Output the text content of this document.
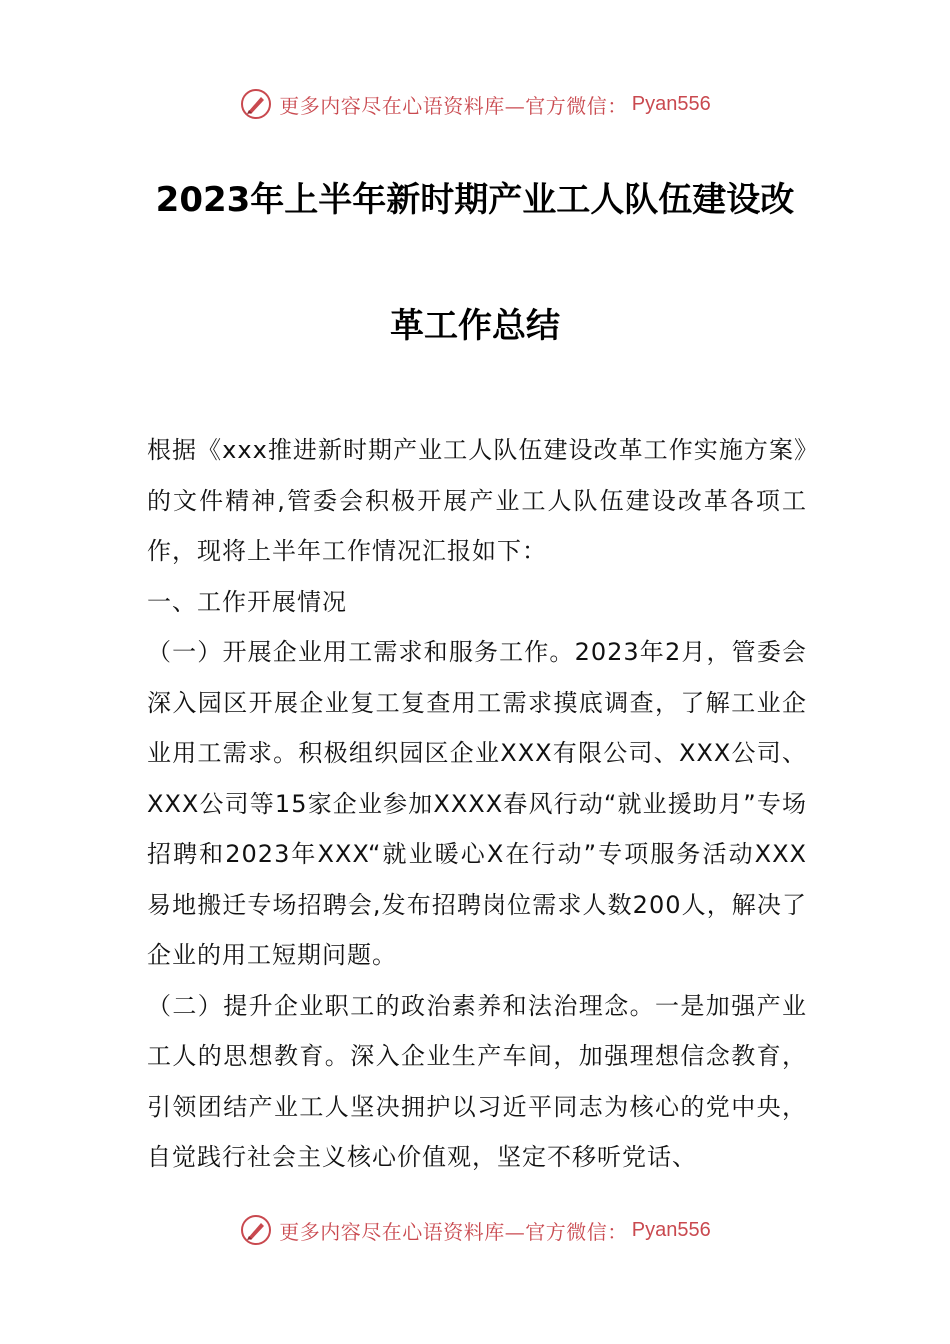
更多内容尽在心语资料库—官方微信： Pyan556
2023年上半年新时期产业工人队伍建设改
革工作总结

根据《xxx推进新时期产业工人队伍建设改革工作实施方案》的文件精神,管委会积极开展产业工人队伍建设改革各项工作，现将上半年工作情况汇报如下：

一、工作开展情况

（一）开展企业用工需求和服务工作。2023年2月，管委会深入园区开展企业复工复查用工需求摸底调查，了解工业企业用工需求。积极组织园区企业XXX有限公司、XXX公司、XXX公司等15家企业参加XXXX春风行动“就业援助月”专场招聘和2023年XXX“就业暖心X在行动”专项服务活动XXX易地搬迁专场招聘会,发布招聘岗位需求人数200人，解决了企业的用工短期问题。

（二）提升企业职工的政治素养和法治理念。一是加强产业工人的思想教育。深入企业生产车间，加强理想信念教育，引领团结产业工人坚决拥护以习近平同志为核心的党中央，自觉践行社会主义核心价值观，坚定不移听党话、

更多内容尽在心语资料库—官方微信： Pyan556
